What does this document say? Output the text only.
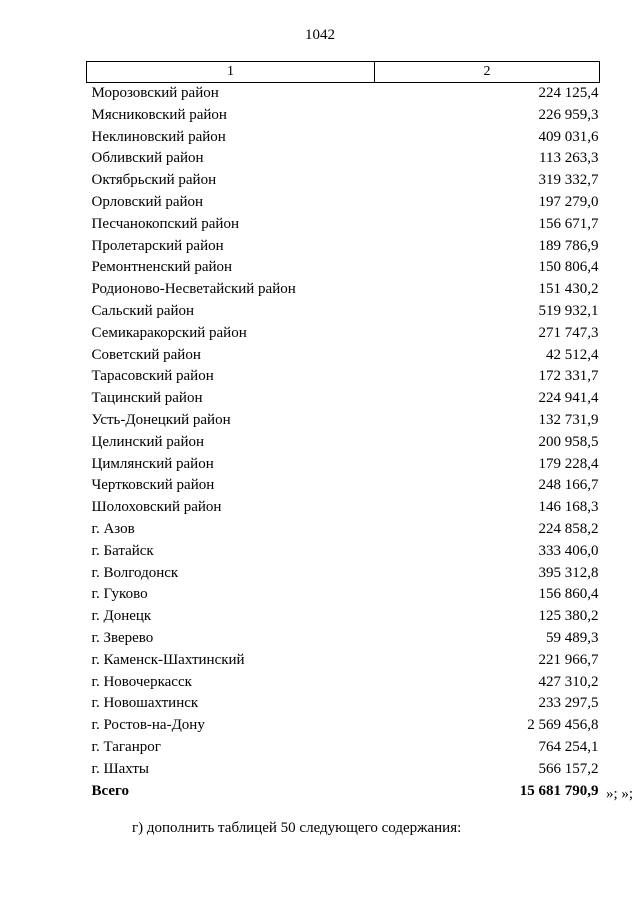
1042
1	2
Морозовский район	224 125,4
Мясниковский район	226 959,3
Неклиновский район	409 031,6
Обливский район	113 263,3
Октябрьский район	319 332,7
Орловский район	197 279,0
Песчанокопский район	156 671,7
Пролетарский район	189 786,9
Ремонтненский район	150 806,4
Родионово-Несветайский район	151 430,2
Сальский район	519 932,1
Семикаракорский район	271 747,3
Советский район	42 512,4
Тарасовский район	172 331,7
Тацинский район	224 941,4
Усть-Донецкий район	132 731,9
Целинский район	200 958,5
Цимлянский район	179 228,4
Чертковский район	248 166,7
Шолоховский район	146 168,3
г. Азов	224 858,2
г. Батайск	333 406,0
г. Волгодонск	395 312,8
г. Гуково	156 860,4
г. Донецк	125 380,2
г. Зверево	59 489,3
г. Каменск-Шахтинский	221 966,7
г. Новочеркасск	427 310,2
г. Новошахтинск	233 297,5
г. Ростов-на-Дону	2 569 456,8
г. Таганрог	764 254,1
г. Шахты	566 157,2
Всего	15 681 790,9 »; »;
г) дополнить таблицей 50 следующего содержания:
